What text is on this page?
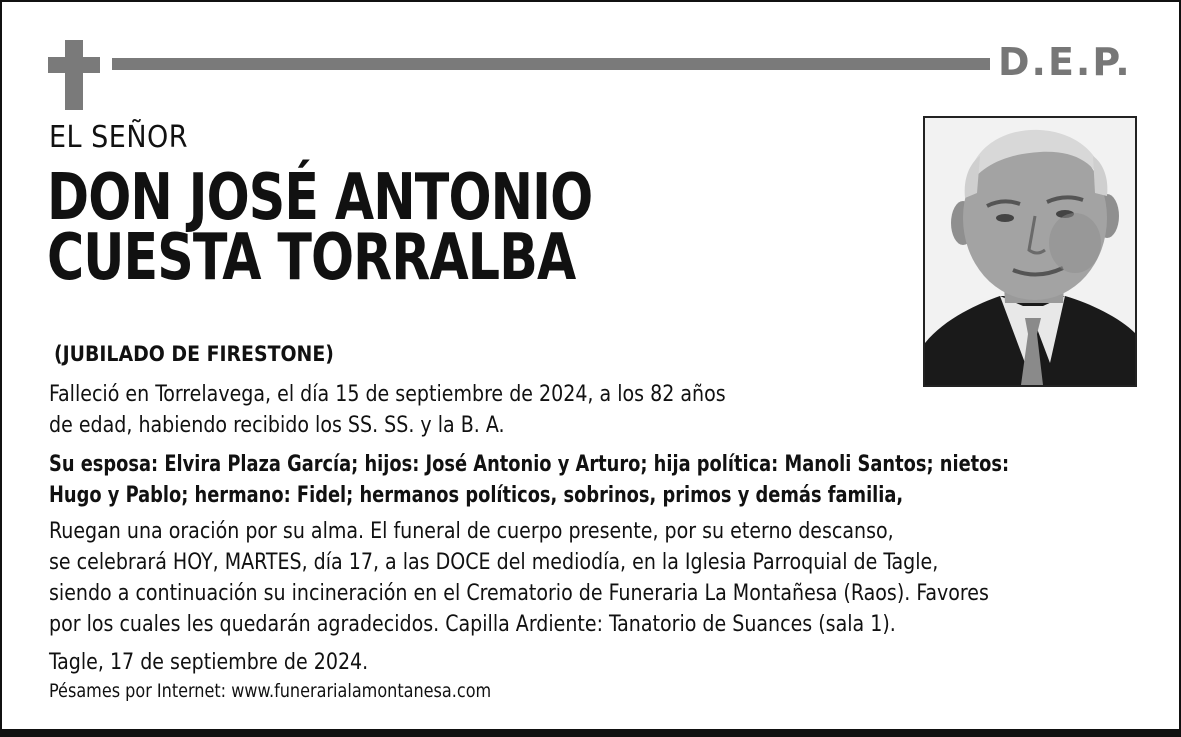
D.E.P.
EL SEÑOR
DON JOSÉ ANTONIO
CUESTA TORRALBA
(JUBILADO DE FIRESTONE)
Falleció en Torrelavega, el día 15 de septiembre de 2024, a los 82 años
de edad, habiendo recibido los SS. SS. y la B. A.
Su esposa: Elvira Plaza García; hijos: José Antonio y Arturo; hija política: Manoli Santos; nietos:
Hugo y Pablo; hermano: Fidel; hermanos políticos, sobrinos, primos y demás familia,
Ruegan una oración por su alma. El funeral de cuerpo presente, por su eterno descanso,
se celebrará HOY, MARTES, día 17, a las DOCE del mediodía, en la Iglesia Parroquial de Tagle,
siendo a continuación su incineración en el Crematorio de Funeraria La Montañesa (Raos). Favores
por los cuales les quedarán agradecidos. Capilla Ardiente: Tanatorio de Suances (sala 1).
Tagle, 17 de septiembre de 2024.
Pésames por Internet: www.funerarialamontanesa.com
